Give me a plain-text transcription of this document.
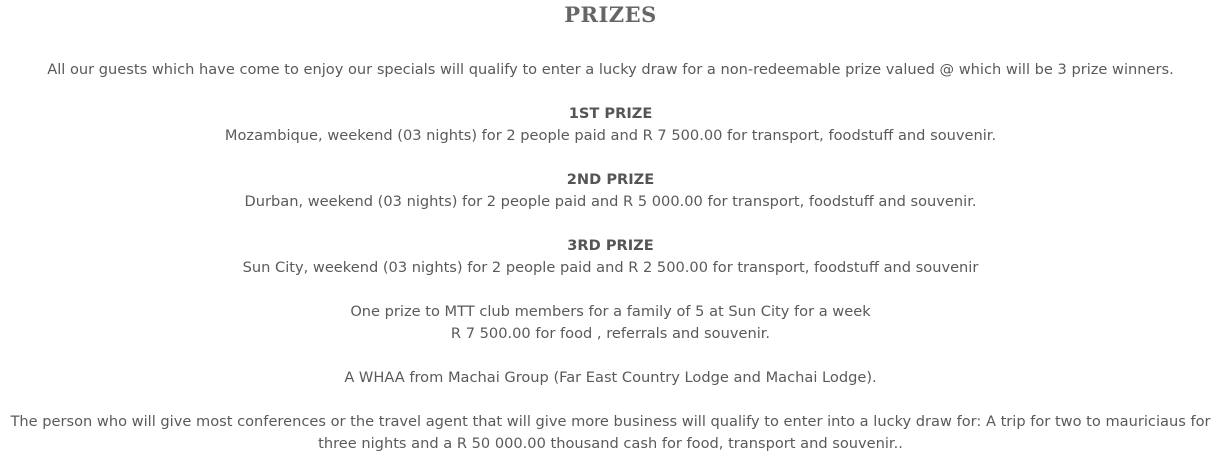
PRIZES

All our guests which have come to enjoy our specials will qualify to enter a lucky draw for a non-redeemable prize valued @ which will be 3 prize winners.

1ST PRIZE

Mozambique, weekend (03 nights) for 2 people paid and R 7 500.00 for transport, foodstuff and souvenir.

2ND PRIZE

Durban, weekend (03 nights) for 2 people paid and R 5 000.00 for transport, foodstuff and souvenir.

3RD PRIZE

Sun City, weekend (03 nights) for 2 people paid and R 2 500.00 for transport, foodstuff and souvenir

One prize to MTT club members for a family of 5 at Sun City for a week

R 7 500.00 for food , referrals and souvenir.

A WHAA from Machai Group (Far East Country Lodge and Machai Lodge).

The person who will give most conferences or the travel agent that will give more business will qualify to enter into a lucky draw for: A trip for two to mauriciaus for three nights and a R 50 000.00 thousand cash for food, transport and souvenir..
